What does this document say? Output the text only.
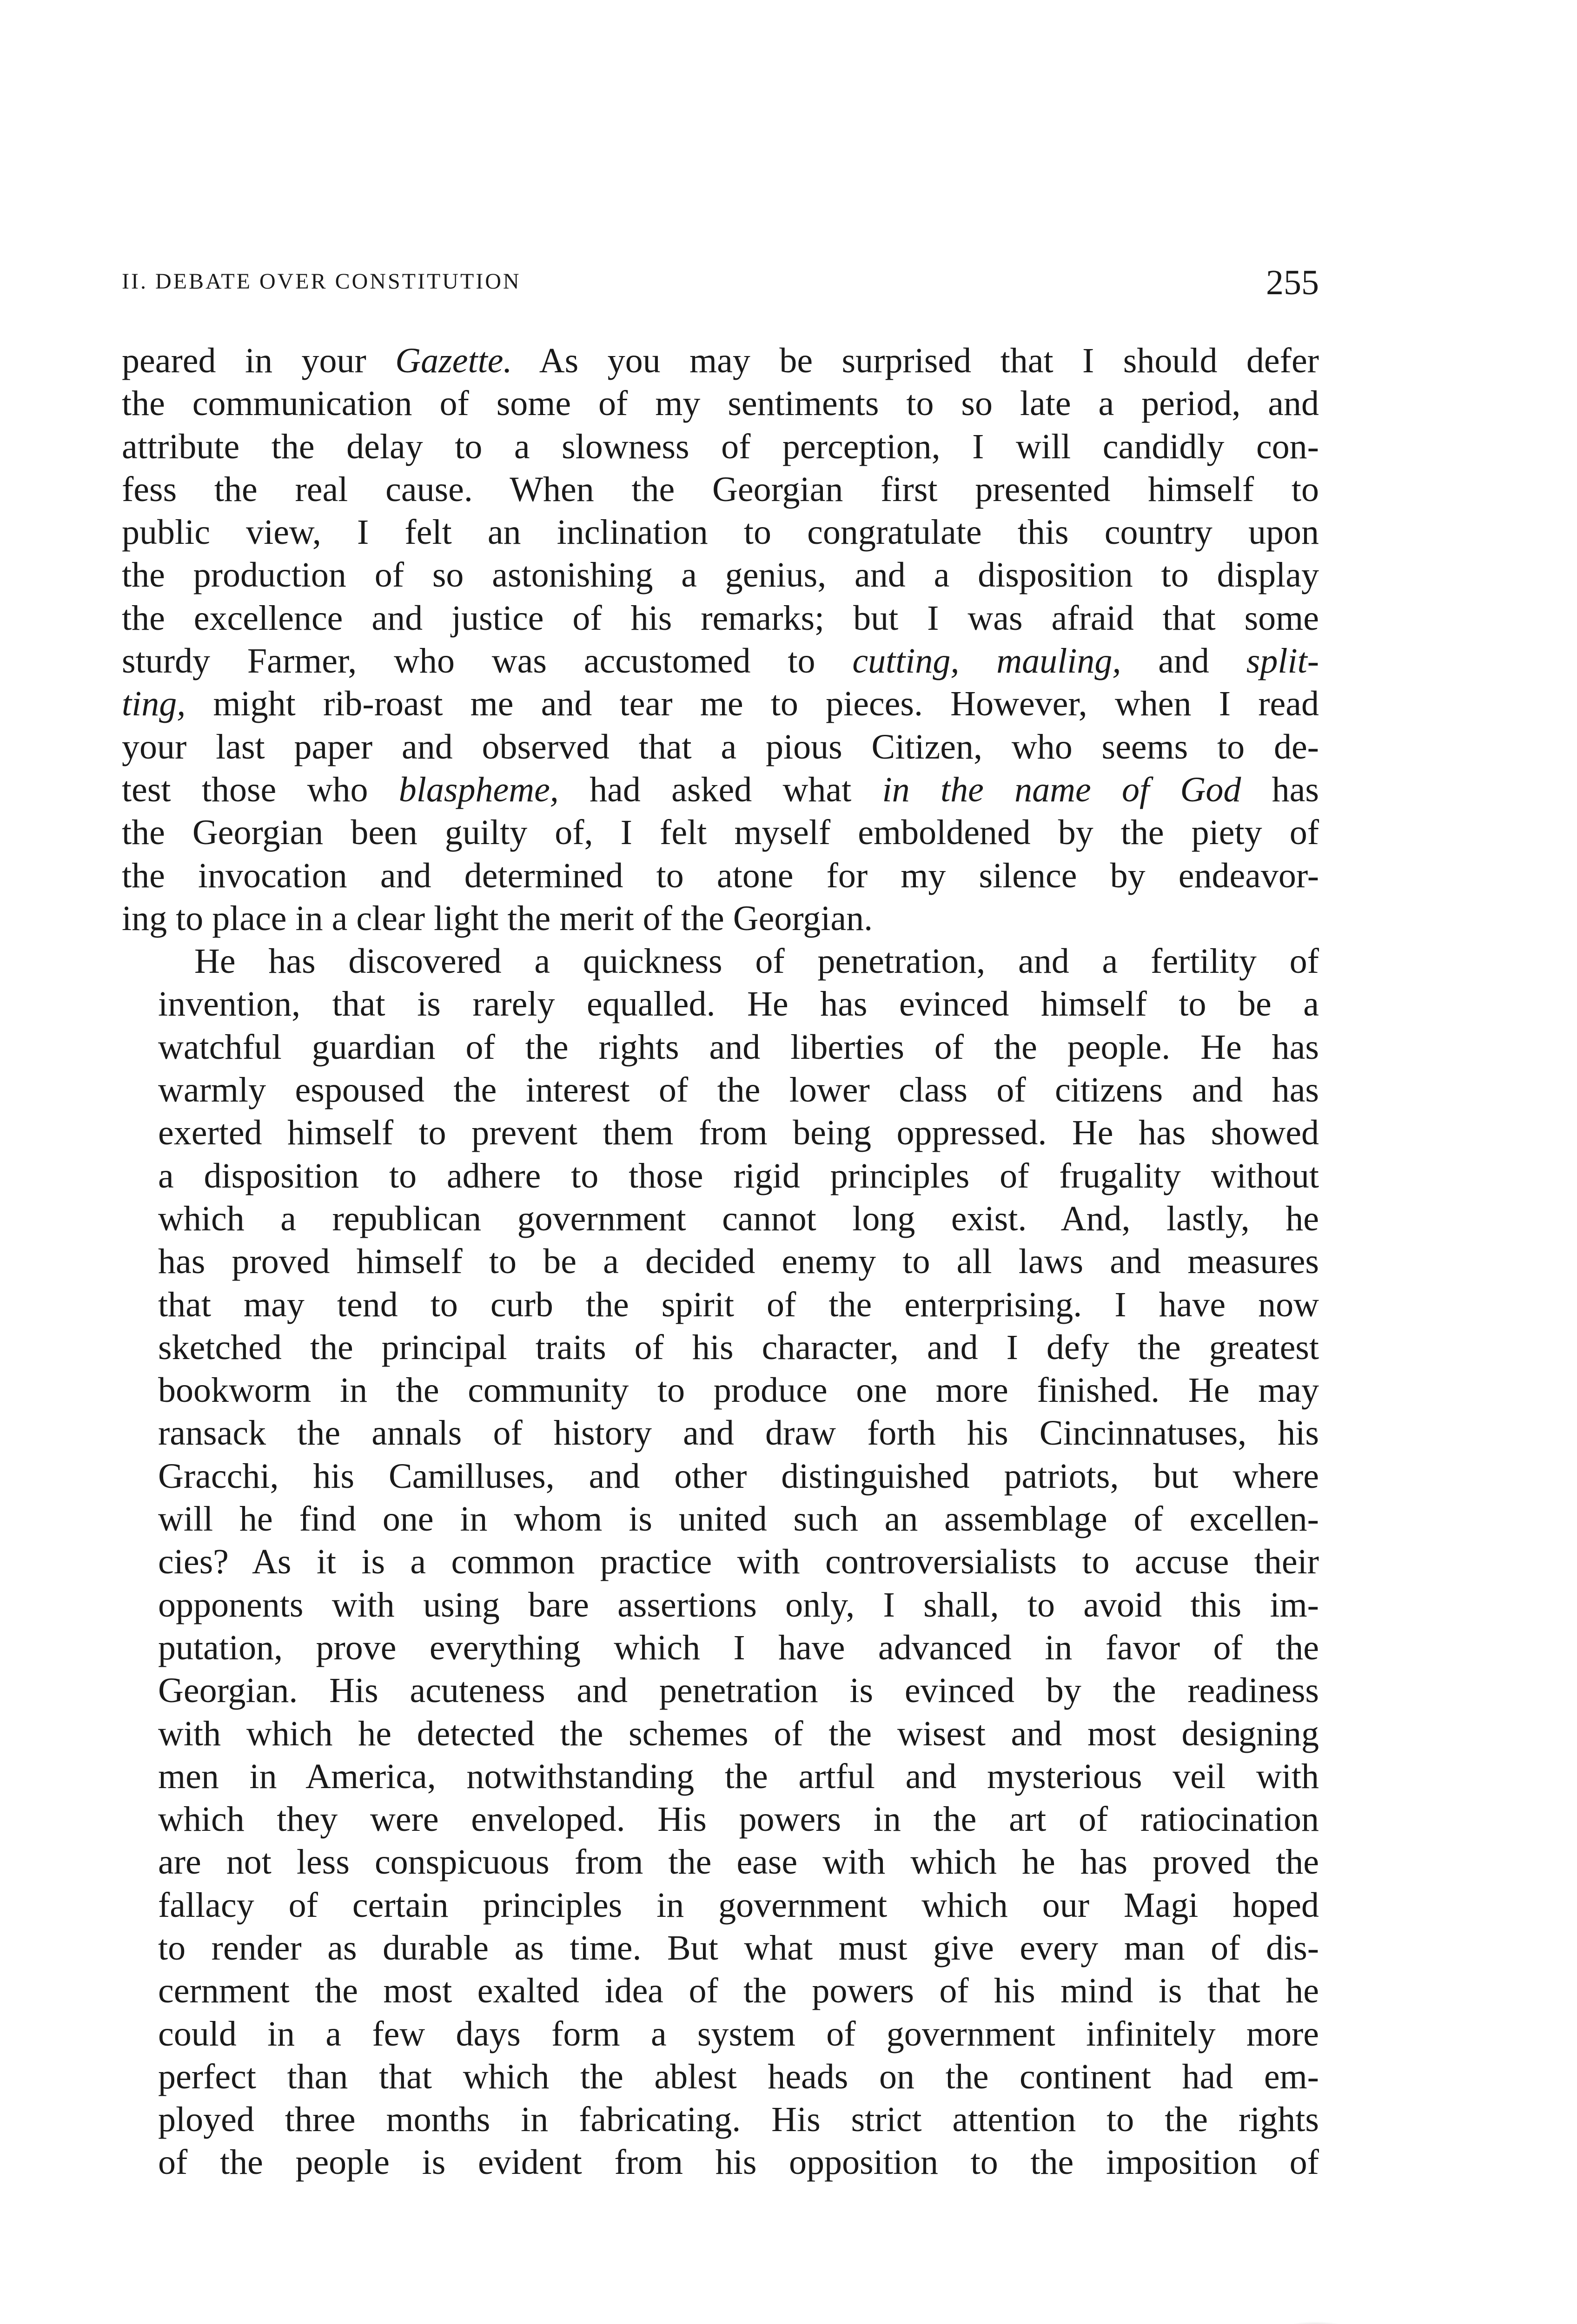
II. DEBATE OVER CONSTITUTION	255
peared in your Gazette. As you may be surprised that I should defer
the communication of some of my sentiments to so late a period, and
attribute the delay to a slowness of perception, I will candidly con-
fess the real cause. When the Georgian first presented himself to
public view, I felt an inclination to congratulate this country upon
the production of so astonishing a genius, and a disposition to display
the excellence and justice of his remarks; but I was afraid that some
sturdy Farmer, who was accustomed to cutting, mauling, and split-
ting, might rib-roast me and tear me to pieces. However, when I read
your last paper and observed that a pious Citizen, who seems to de-
test those who blaspheme, had asked what in the name of God has
the Georgian been guilty of, I felt myself emboldened by the piety of
the invocation and determined to atone for my silence by endeavor-
ing to place in a clear light the merit of the Georgian.
He has discovered a quickness of penetration, and a fertility of
invention, that is rarely equalled. He has evinced himself to be a
watchful guardian of the rights and liberties of the people. He has
warmly espoused the interest of the lower class of citizens and has
exerted himself to prevent them from being oppressed. He has showed
a disposition to adhere to those rigid principles of frugality without
which a republican government cannot long exist. And, lastly, he
has proved himself to be a decided enemy to all laws and measures
that may tend to curb the spirit of the enterprising. I have now
sketched the principal traits of his character, and I defy the greatest
bookworm in the community to produce one more finished. He may
ransack the annals of history and draw forth his Cincinnatuses, his
Gracchi, his Camilluses, and other distinguished patriots, but where
will he find one in whom is united such an assemblage of excellen-
cies? As it is a common practice with controversialists to accuse their
opponents with using bare assertions only, I shall, to avoid this im-
putation, prove everything which I have advanced in favor of the
Georgian. His acuteness and penetration is evinced by the readiness
with which he detected the schemes of the wisest and most designing
men in America, notwithstanding the artful and mysterious veil with
which they were enveloped. His powers in the art of ratiocination
are not less conspicuous from the ease with which he has proved the
fallacy of certain principles in government which our Magi hoped
to render as durable as time. But what must give every man of dis-
cernment the most exalted idea of the powers of his mind is that he
could in a few days form a system of government infinitely more
perfect than that which the ablest heads on the continent had em-
ployed three months in fabricating. His strict attention to the rights
of the people is evident from his opposition to the imposition of
